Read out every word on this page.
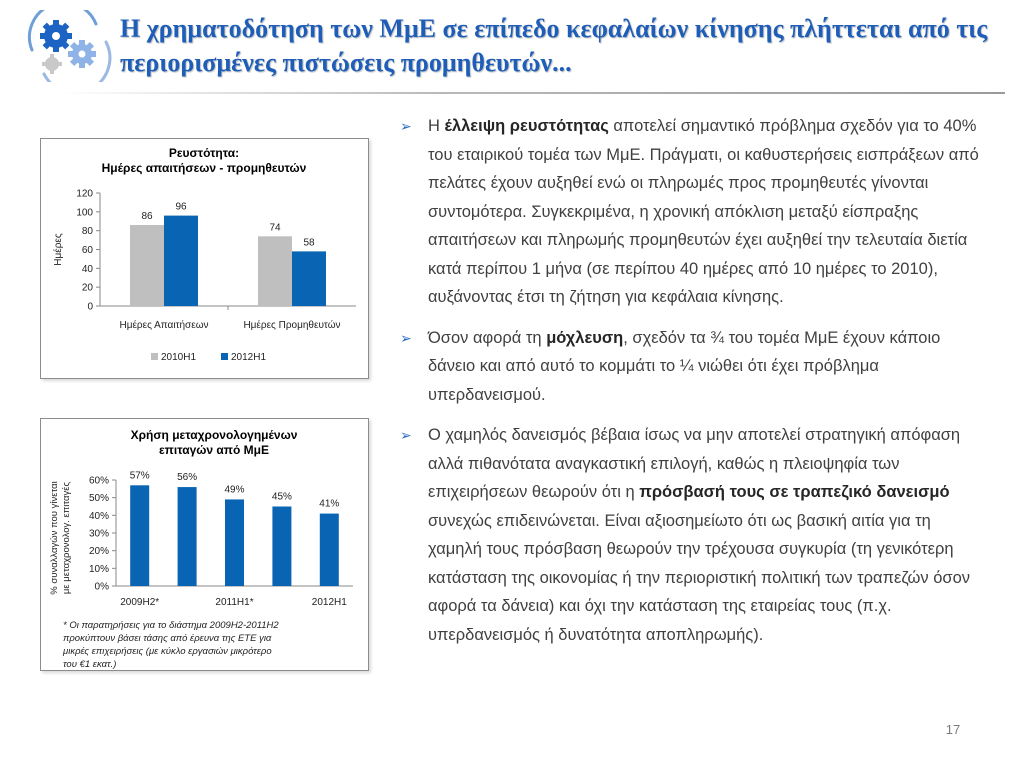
Η χρηματοδότηση των ΜμΕ σε επίπεδο κεφαλαίων κίνησης πλήττεται από τις περιορισμένες πιστώσεις προμηθευτών...
Ρευστότητα:
Ημέρες απαιτήσεων - προμηθευτών
Ημέρες
0
20
40
60
80
100
120
Ημέρες Απαιτήσεων
86
96
Ημέρες Προμηθευτών
74
58
2010H1	2012H1
Χρήση μεταχρονολογημένων
επιταγών από ΜμΕ
% συναλλαγών που γίνεται με μεταχρονολογ. επιταγές 0%
10%
20%
30%
40%
50%
60% 57%
2009H2*
56%
49%
2011H1*
45%
41%
2012H1
* Οι παρατηρήσεις για το διάστημα 2009Η2-2011Η2
προκύπτουν βάσει τάσης από έρευνα της ΕΤΕ για
μικρές επιχειρήσεις (με κύκλο εργασιών μικρότερο
του €1 εκατ.)
➢ Η έλλειψη ρευστότητας αποτελεί σημαντικό πρόβλημα σχεδόν για το 40% του εταιρικού τομέα των ΜμΕ. Πράγματι, οι καθυστερήσεις εισπράξεων από πελάτες έχουν αυξηθεί ενώ οι πληρωμές προς προμηθευτές γίνονται συντομότερα. Συγκεκριμένα, η χρονική απόκλιση μεταξύ είσπραξης απαιτήσεων και πληρωμής προμηθευτών έχει αυξηθεί την τελευταία διετία κατά περίπου 1 μήνα (σε περίπου 40 ημέρες από 10 ημέρες το 2010), αυξάνοντας έτσι τη ζήτηση για κεφάλαια κίνησης.
➢ Όσον αφορά τη μόχλευση, σχεδόν τα ¾ του τομέα ΜμΕ έχουν κάποιο δάνειο και από αυτό το κομμάτι το ¼ νιώθει ότι έχει πρόβλημα υπερδανεισμού.
➢ Ο χαμηλός δανεισμός βέβαια ίσως να μην αποτελεί στρατηγική απόφαση αλλά πιθανότατα αναγκαστική επιλογή, καθώς η πλειοψηφία των επιχειρήσεων θεωρούν ότι η πρόσβασή τους σε τραπεζικό δανεισμό συνεχώς επιδεινώνεται. Είναι αξιοσημείωτο ότι ως βασική αιτία για τη χαμηλή τους πρόσβαση θεωρούν την τρέχουσα συγκυρία (τη γενικότερη κατάσταση της οικονομίας ή την περιοριστική πολιτική των τραπεζών όσον αφορά τα δάνεια) και όχι την κατάσταση της εταιρείας τους (π.χ. υπερδανεισμός ή δυνατότητα αποπληρωμής).
17
